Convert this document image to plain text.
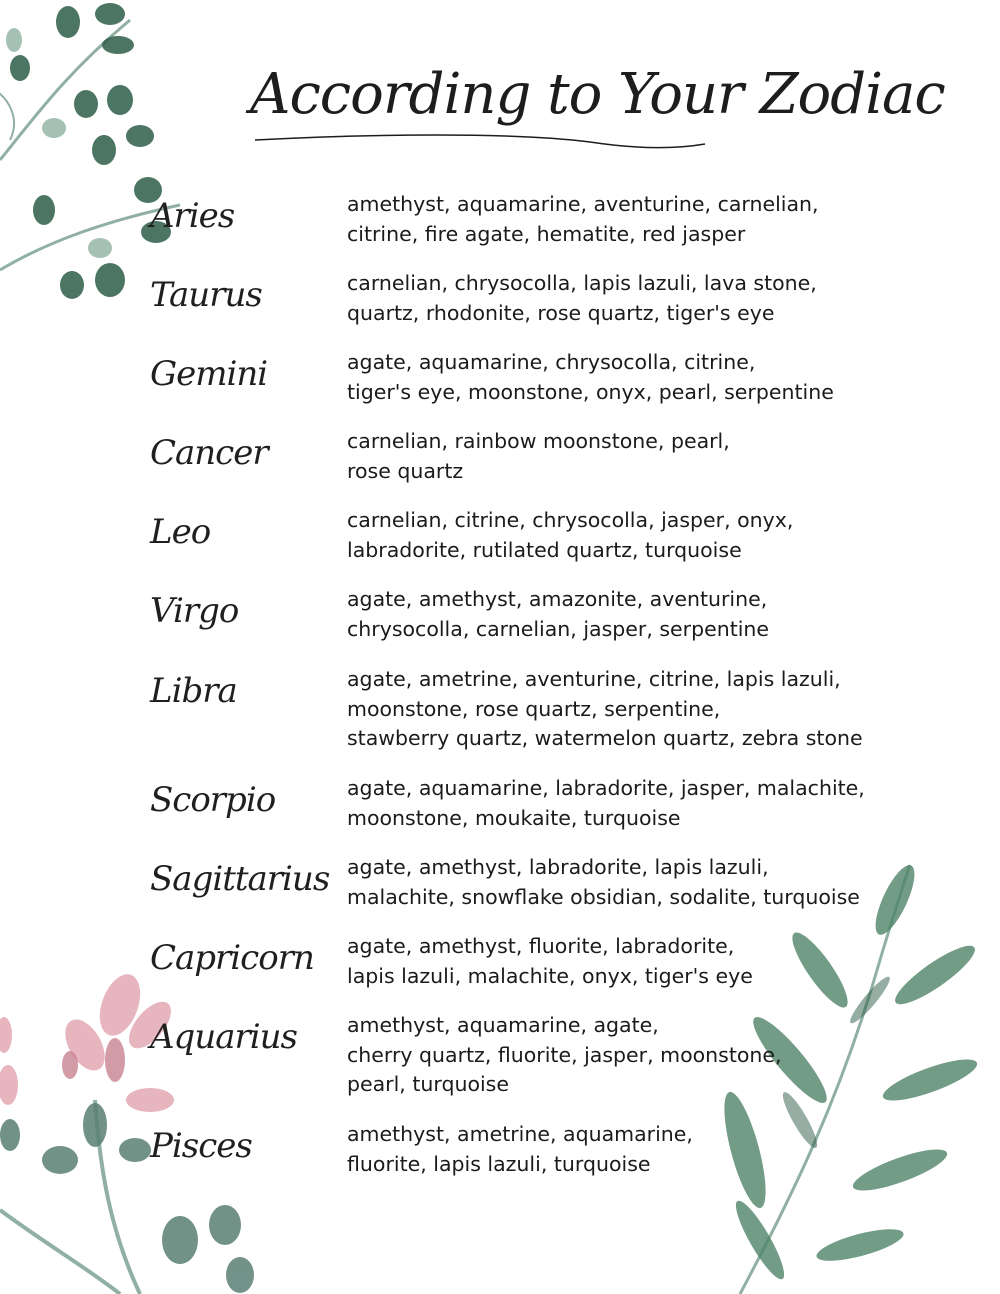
According to Your Zodiac
Aries	amethyst, aquamarine, aventurine, carnelian,
citrine, fire agate, hematite, red jasper
Taurus	carnelian, chrysocolla, lapis lazuli, lava stone,
quartz, rhodonite, rose quartz, tiger's eye
Gemini	agate, aquamarine, chrysocolla, citrine,
tiger's eye, moonstone, onyx, pearl, serpentine
Cancer	carnelian, rainbow moonstone, pearl,
rose quartz
Leo	carnelian, citrine, chrysocolla, jasper, onyx,
labradorite, rutilated quartz, turquoise
Virgo	agate, amethyst, amazonite, aventurine,
chrysocolla, carnelian, jasper, serpentine
Libra	agate, ametrine, aventurine, citrine, lapis lazuli,
moonstone, rose quartz, serpentine,
stawberry quartz, watermelon quartz, zebra stone
Scorpio	agate, aquamarine, labradorite, jasper, malachite,
moonstone, moukaite, turquoise
Sagittarius agate, amethyst, labradorite, lapis lazuli,
malachite, snowflake obsidian, sodalite, turquoise
Capricorn	agate, amethyst, fluorite, labradorite,
lapis lazuli, malachite, onyx, tiger's eye
Aquarius	amethyst, aquamarine, agate,
cherry quartz, fluorite, jasper, moonstone,
pearl, turquoise
Pisces	amethyst, ametrine, aquamarine,
fluorite, lapis lazuli, turquoise
